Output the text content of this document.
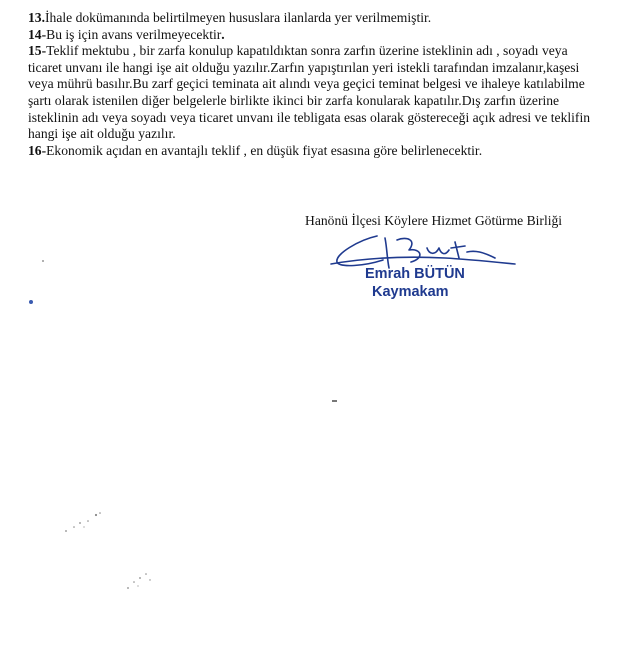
13.İhale dokümanında belirtilmeyen hususlara ilanlarda yer verilmemiştir.

14-Bu iş için avans verilmeyecektir.

15-Teklif mektubu , bir zarfa konulup kapatıldıktan sonra zarfın üzerine isteklinin adı , soyadı veya ticaret unvanı ile hangi işe ait olduğu yazılır.Zarfın yapıştırılan yeri istekli tarafından imzalanır,kaşesi veya mührü basılır.Bu zarf geçici teminata ait alındı veya geçici teminat belgesi ve ihaleye katılabilme şartı olarak istenilen diğer belgelerle birlikte ikinci bir zarfa konularak kapatılır.Dış zarfın üzerine isteklinin adı veya soyadı veya ticaret unvanı ile tebligata esas olarak göstereceği açık adresi ve teklifin hangi işe ait olduğu yazılır.

16-Ekonomik açıdan en avantajlı teklif , en düşük fiyat esasına göre belirlenecektir.

Hanönü İlçesi Köylere Hizmet Götürme Birliği
Emrah BÜTÜN
Kaymakam
